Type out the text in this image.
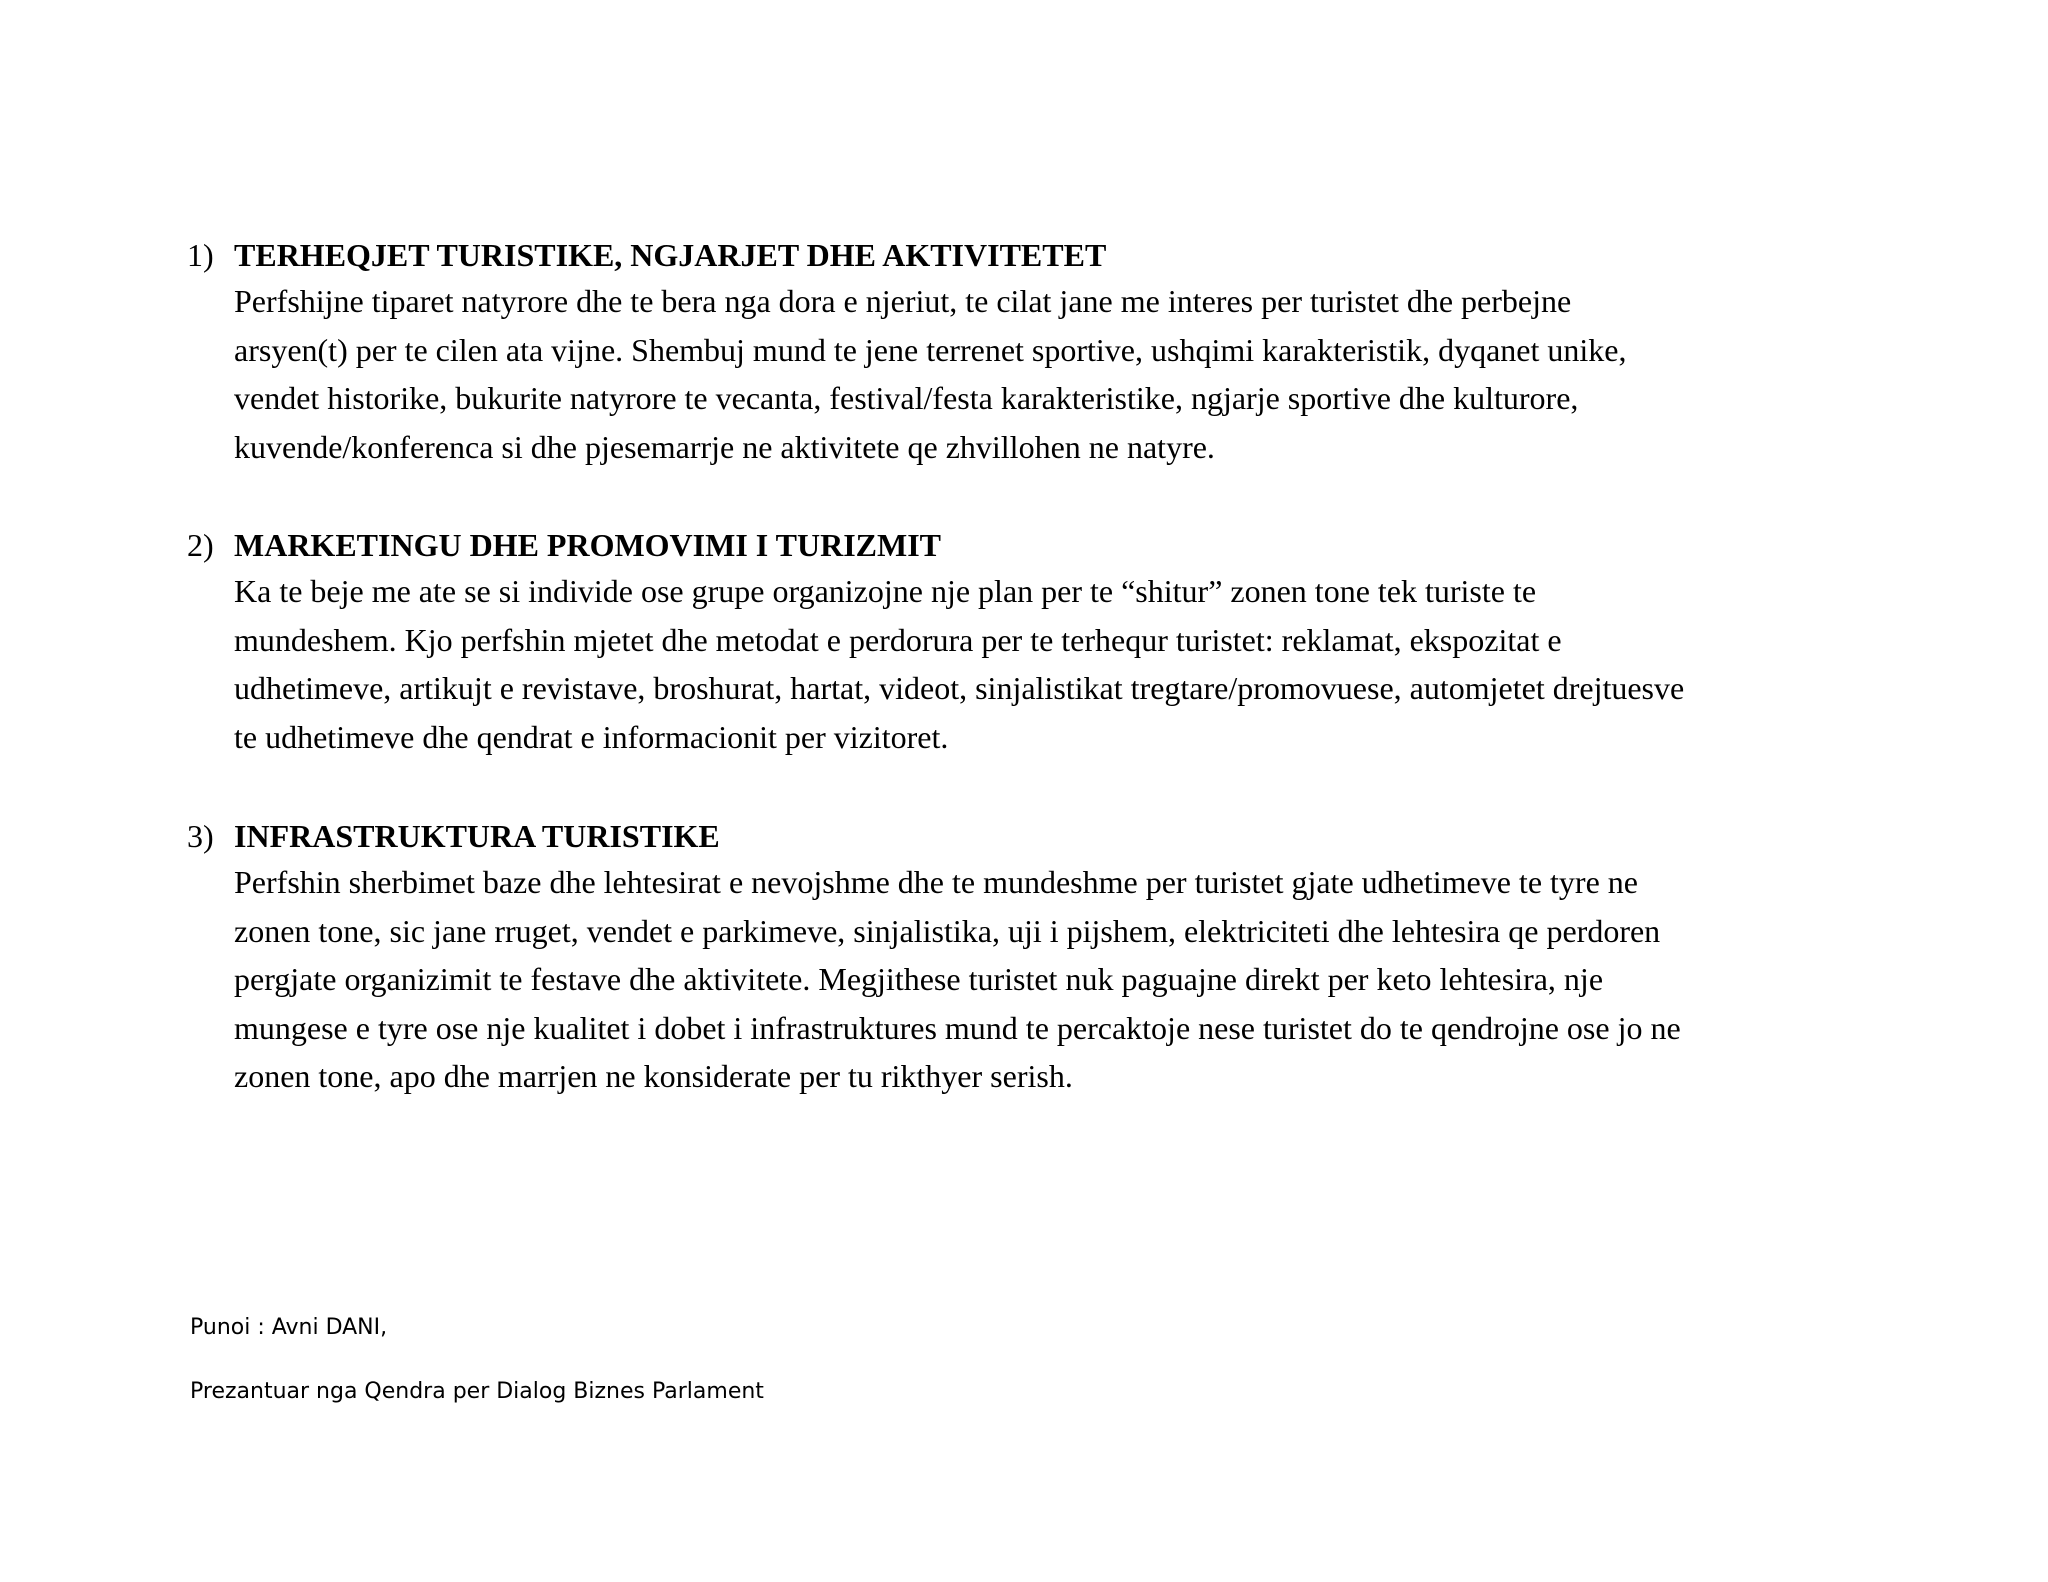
1) TERHEQJET TURISTIKE, NGJARJET DHE AKTIVITETET
Perfshijne tiparet natyrore dhe te bera nga dora e njeriut, te cilat jane me interes per turistet dhe perbejne
arsyen(t) per te cilen ata vijne. Shembuj mund te jene terrenet sportive, ushqimi karakteristik, dyqanet unike,
vendet historike, bukurite natyrore te vecanta, festival/festa karakteristike, ngjarje sportive dhe kulturore,
kuvende/konferenca si dhe pjesemarrje ne aktivitete qe zhvillohen ne natyre.
2) MARKETINGU DHE PROMOVIMI I TURIZMIT
Ka te beje me ate se si individe ose grupe organizojne nje plan per te “shitur” zonen tone tek turiste te
mundeshem. Kjo perfshin mjetet dhe metodat e perdorura per te terhequr turistet: reklamat, ekspozitat e
udhetimeve, artikujt e revistave, broshurat, hartat, videot, sinjalistikat tregtare/promovuese, automjetet drejtuesve
te udhetimeve dhe qendrat e informacionit per vizitoret.
3) INFRASTRUKTURA TURISTIKE
Perfshin sherbimet baze dhe lehtesirat e nevojshme dhe te mundeshme per turistet gjate udhetimeve te tyre ne
zonen tone, sic jane rruget, vendet e parkimeve, sinjalistika, uji i pijshem, elektriciteti dhe lehtesira qe perdoren
pergjate organizimit te festave dhe aktivitete. Megjithese turistet nuk paguajne direkt per keto lehtesira, nje
mungese e tyre ose nje kualitet i dobet i infrastruktures mund te percaktoje nese turistet do te qendrojne ose jo ne
zonen tone, apo dhe marrjen ne konsiderate per tu rikthyer serish.
Punoi : Avni DANI,
Prezantuar nga Qendra per Dialog Biznes Parlament
